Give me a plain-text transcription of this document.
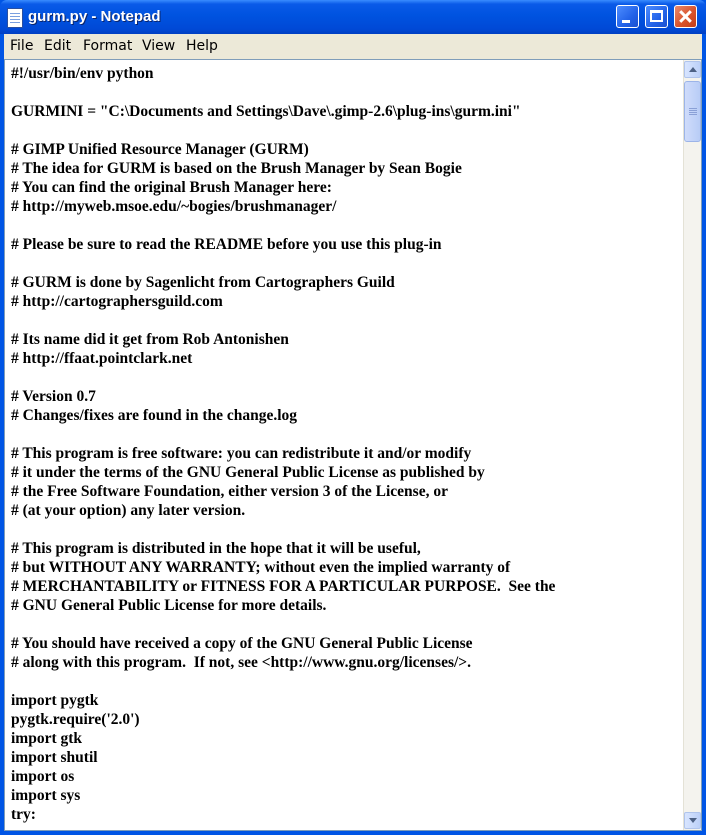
gurm.py - Notepad
File Edit Format View Help
#!/usr/bin/env python

GURMINI = "C:\Documents and Settings\Dave\.gimp-2.6\plug-ins\gurm.ini"

# GIMP Unified Resource Manager (GURM)
# The idea for GURM is based on the Brush Manager by Sean Bogie
# You can find the original Brush Manager here:
# http://myweb.msoe.edu/~bogies/brushmanager/

# Please be sure to read the README before you use this plug-in

# GURM is done by Sagenlicht from Cartographers Guild
# http://cartographersguild.com

# Its name did it get from Rob Antonishen
# http://ffaat.pointclark.net

# Version 0.7
# Changes/fixes are found in the change.log

# This program is free software: you can redistribute it and/or modify
# it under the terms of the GNU General Public License as published by
# the Free Software Foundation, either version 3 of the License, or
# (at your option) any later version.

# This program is distributed in the hope that it will be useful,
# but WITHOUT ANY WARRANTY; without even the implied warranty of
# MERCHANTABILITY or FITNESS FOR A PARTICULAR PURPOSE.  See the
# GNU General Public License for more details.

# You should have received a copy of the GNU General Public License
# along with this program.  If not, see <http://www.gnu.org/licenses/>.

import pygtk
pygtk.require('2.0')
import gtk
import shutil
import os
import sys
try:
